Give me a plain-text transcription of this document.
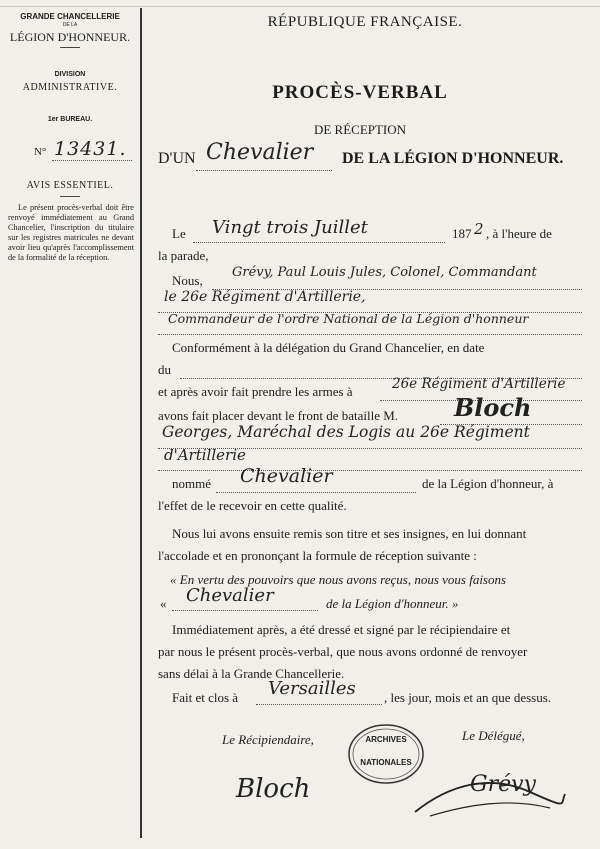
GRANDE CHANCELLERIE
DE LA
LÉGION D'HONNEUR.
DIVISION
ADMINISTRATIVE.
1er BUREAU.
N° 13431.
AVIS ESSENTIEL.
Le présent procès-verbal doit être renvoyé immédiatement au Grand Chancelier, l'inscription du titulaire sur les registres matricules ne devant avoir lieu qu'après l'accomplissement de la formalité de la réception.
RÉPUBLIQUE FRANÇAISE.
PROCÈS-VERBAL
DE RÉCEPTION
D'UN Chevalier DE LA LÉGION D'HONNEUR.
Le Vingt trois Juillet	187 2 , à l'heure de
la parade,
Nous,
Grévy, Paul Louis Jules, Colonel, Commandant
le 26e Régiment d'Artillerie,
Commandeur de l'ordre National de la Légion d'honneur
Conformément à la délégation du Grand Chancelier, en date
du
et après avoir fait prendre les armes à	26e Régiment d'Artillerie
avons fait placer devant le front de bataille M. Bloch
Georges, Maréchal des Logis au 26e Régiment
d'Artillerie
nommé Chevalier	de la Légion d'honneur, à
l'effet de le recevoir en cette qualité.
Nous lui avons ensuite remis son titre et ses insignes, en lui donnant
l'accolade et en prononçant la formule de réception suivante :
« En vertu des pouvoirs que nous avons reçus, nous vous faisons
« Chevalier	de la Légion d'honneur. »
Immédiatement après, a été dressé et signé par le récipiendaire et
par nous le présent procès-verbal, que nous avons ordonné de renvoyer
sans délai à la Grande Chancellerie.
Fait et clos à Versailles , les jour, mois et an que dessus.
Le Récipiendaire,	Le Délégué,
ARCHIVES
NATIONALES
Bloch	Grévy
